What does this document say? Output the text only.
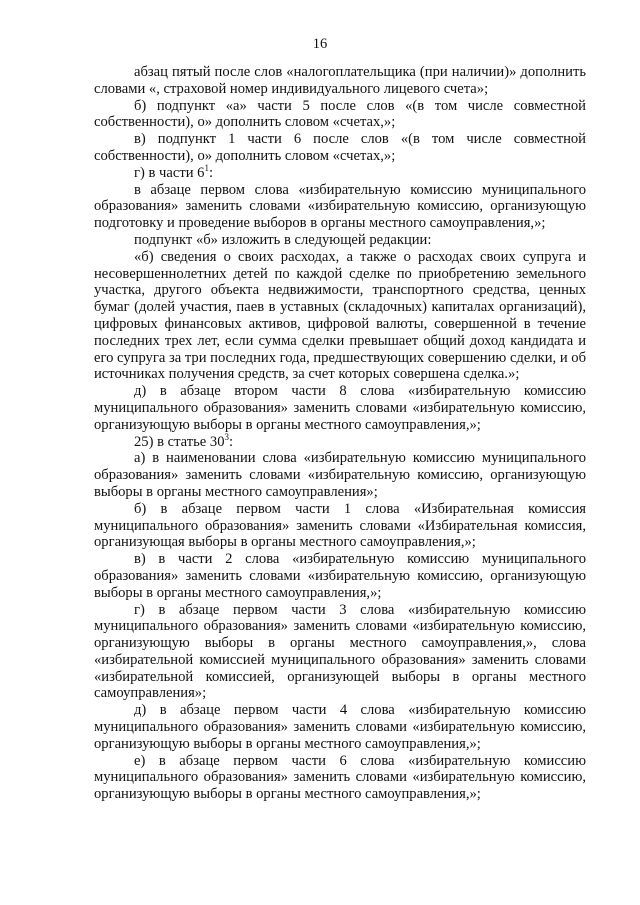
16

абзац пятый после слов «налогоплательщика (при наличии)» дополнить словами «, страховой номер индивидуального лицевого счета»;

б) подпункт «а» части 5 после слов «(в том числе совместной собственности), о» дополнить словом «счетах,»;

в) подпункт 1 части 6 после слов «(в том числе совместной собственности), о» дополнить словом «счетах,»;

г) в части $6^1$:

в абзаце первом слова «избирательную комиссию муниципального образования» заменить словами «избирательную комиссию, организующую подготовку и проведение выборов в органы местного самоуправления,»;

подпункт «б» изложить в следующей редакции:

«б) сведения о своих расходах, а также о расходах своих супруга и несовершеннолетних детей по каждой сделке по приобретению земельного участка, другого объекта недвижимости, транспортного средства, ценных бумаг (долей участия, паев в уставных (складочных) капиталах организаций), цифровых финансовых активов, цифровой валюты, совершенной в течение последних трех лет, если сумма сделки превышает общий доход кандидата и его супруга за три последних года, предшествующих совершению сделки, и об источниках получения средств, за счет которых совершена сделка.»;

д) в абзаце втором части 8 слова «избирательную комиссию муниципального образования» заменить словами «избирательную комиссию, организующую выборы в органы местного самоуправления,»;

25) в статье $30^3$:

а) в наименовании слова «избирательную комиссию муниципального образования» заменить словами «избирательную комиссию, организующую выборы в органы местного самоуправления»;

б) в абзаце первом части 1 слова «Избирательная комиссия муниципального образования» заменить словами «Избирательная комиссия, организующая выборы в органы местного самоуправления,»;

в) в части 2 слова «избирательную комиссию муниципального образования» заменить словами «избирательную комиссию, организующую выборы в органы местного самоуправления,»;

г) в абзаце первом части 3 слова «избирательную комиссию муниципального образования» заменить словами «избирательную комиссию, организующую выборы в органы местного самоуправления,», слова «избирательной комиссией муниципального образования» заменить словами «избирательной комиссией, организующей выборы в органы местного самоуправления»;

д) в абзаце первом части 4 слова «избирательную комиссию муниципального образования» заменить словами «избирательную комиссию, организующую выборы в органы местного самоуправления,»;

е) в абзаце первом части 6 слова «избирательную комиссию муниципального образования» заменить словами «избирательную комиссию, организующую выборы в органы местного самоуправления,»;
